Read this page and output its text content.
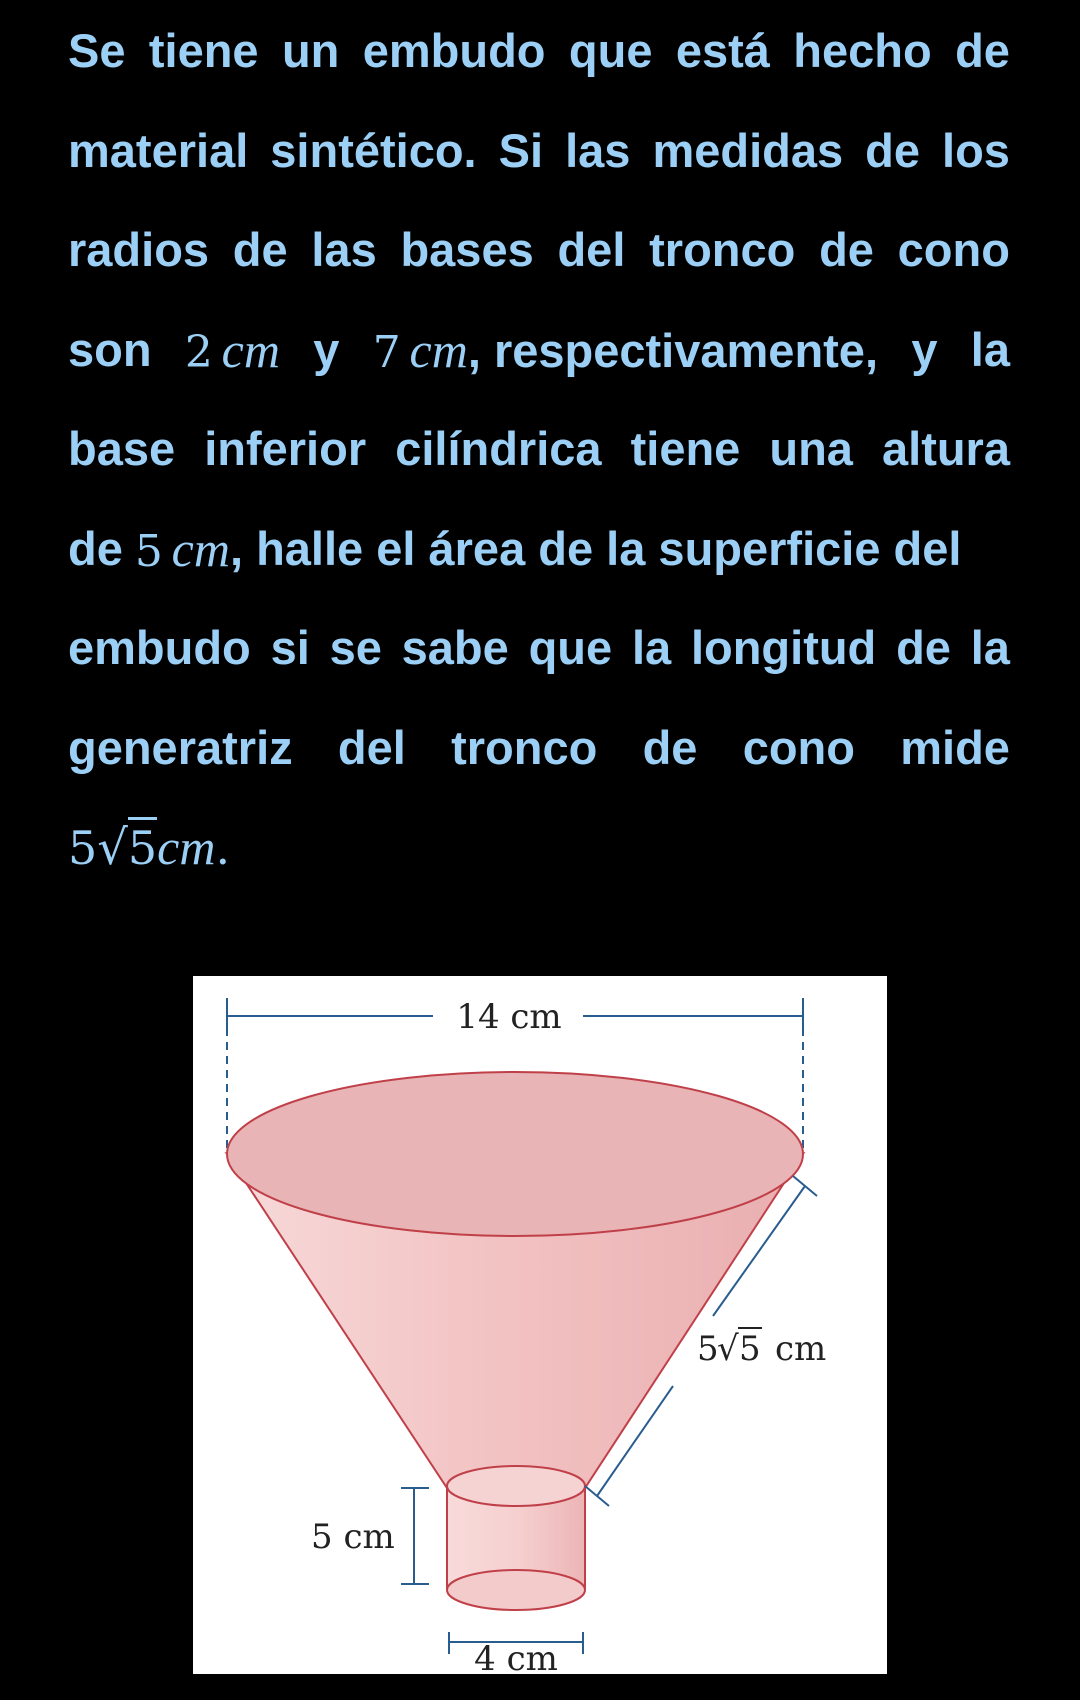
Se tiene un embudo que está hecho de
material sintético. Si las medidas de los
radios de las bases del tronco de cono
son 2  cm y 7  cm, respectivamente, y la
base inferior cilíndrica tiene una altura
de 5  cm , halle el área de la superficie del
embudo si se sabe que la longitud de la
generatriz del tronco de cono mide
5√5cm.
14 cm
5
√ 5 cm
5 cm
4 cm
